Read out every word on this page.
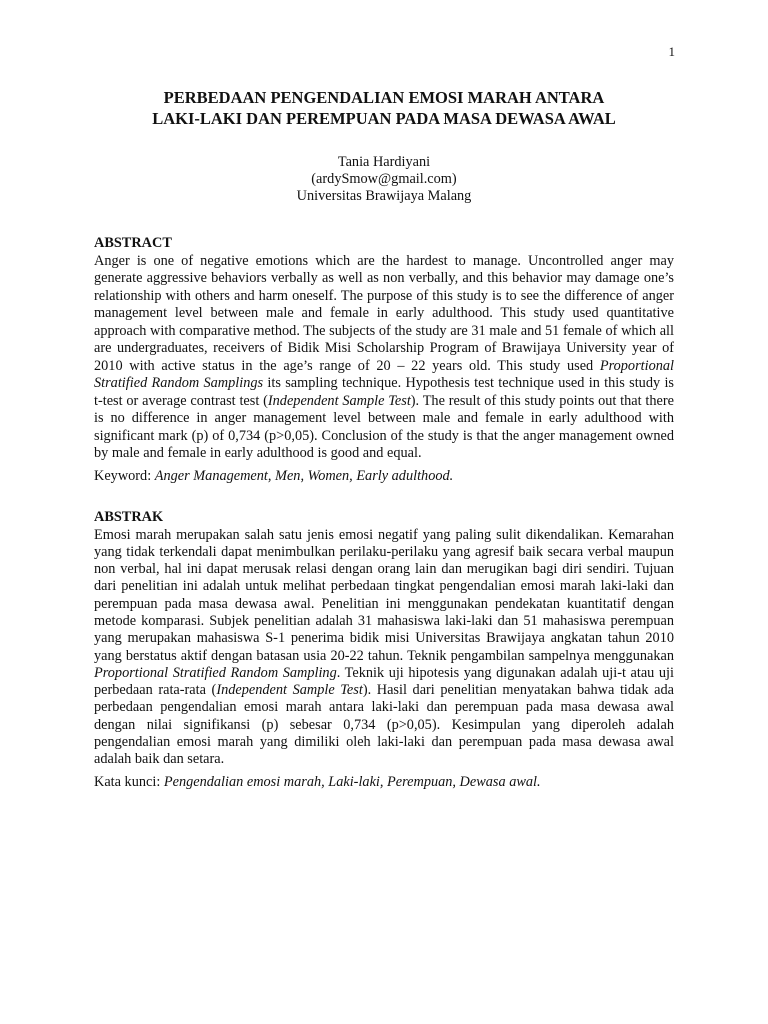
1
PERBEDAAN PENGENDALIAN EMOSI MARAH ANTARA
LAKI-LAKI DAN PEREMPUAN PADA MASA DEWASA AWAL
Tania Hardiyani
(ardySmow@gmail.com)
Universitas Brawijaya Malang

ABSTRACT

Anger is one of negative emotions which are the hardest to manage. Uncontrolled anger may generate aggressive behaviors verbally as well as non verbally, and this behavior may damage one’s relationship with others and harm oneself. The purpose of this study is to see the difference of anger management level between male and female in early adulthood. This study used quantitative approach with comparative method. The subjects of the study are 31 male and 51 female of which all are undergraduates, receivers of Bidik Misi Scholarship Program of Brawijaya University year of 2010 with active status in the age’s range of 20 – 22 years old. This study used Proportional Stratified Random Samplings its sampling technique. Hypothesis test technique used in this study is t-test or average contrast test (Independent Sample Test). The result of this study points out that there is no difference in anger management level between male and female in early adulthood with significant mark (p) of 0,734 (p>0,05). Conclusion of the study is that the anger management owned by male and female in early adulthood is good and equal.

Keyword: Anger Management, Men, Women, Early adulthood.

ABSTRAK

Emosi marah merupakan salah satu jenis emosi negatif yang paling sulit dikendalikan. Kemarahan yang tidak terkendali dapat menimbulkan perilaku-perilaku yang agresif baik secara verbal maupun non verbal, hal ini dapat merusak relasi dengan orang lain dan merugikan bagi diri sendiri. Tujuan dari penelitian ini adalah untuk melihat perbedaan tingkat pengendalian emosi marah laki-laki dan perempuan pada masa dewasa awal. Penelitian ini menggunakan pendekatan kuantitatif dengan metode komparasi. Subjek penelitian adalah 31 mahasiswa laki-laki dan 51 mahasiswa perempuan yang merupakan mahasiswa S-1 penerima bidik misi Universitas Brawijaya angkatan tahun 2010 yang berstatus aktif dengan batasan usia 20-22 tahun. Teknik pengambilan sampelnya menggunakan Proportional Stratified Random Sampling. Teknik uji hipotesis yang digunakan adalah uji-t atau uji perbedaan rata-rata (Independent Sample Test). Hasil dari penelitian menyatakan bahwa tidak ada perbedaan pengendalian emosi marah antara laki-laki dan perempuan pada masa dewasa awal dengan nilai signifikansi (p) sebesar 0,734 (p>0,05). Kesimpulan yang diperoleh adalah pengendalian emosi marah yang dimiliki oleh laki-laki dan perempuan pada masa dewasa awal adalah baik dan setara.

Kata kunci: Pengendalian emosi marah, Laki-laki, Perempuan, Dewasa awal.
